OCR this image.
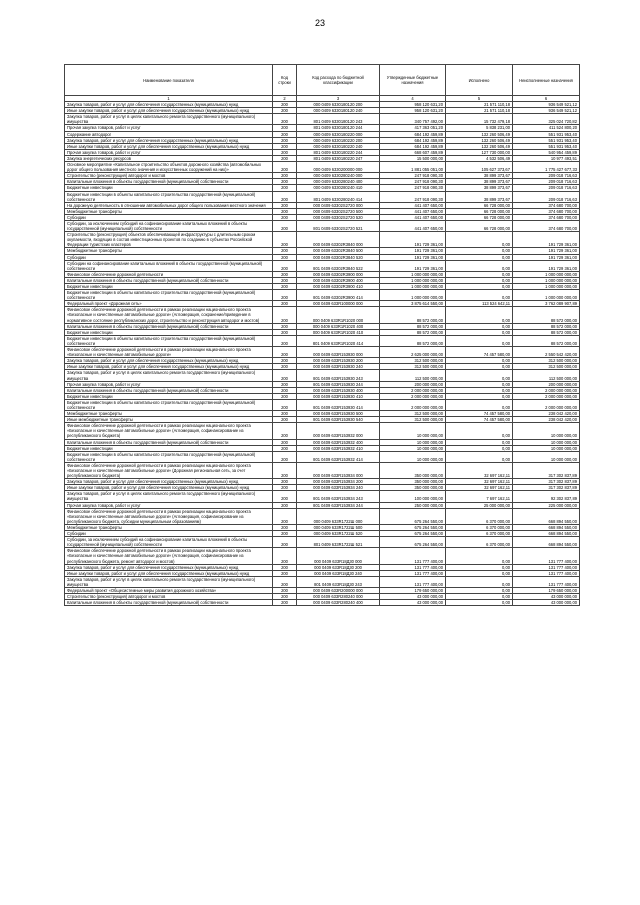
23
Наименование показателя	Код строки	Код расхода по бюджетной классификации	Утвержденные бюджетные назначения	Исполнено	Неисполненные назначения
1	2	3	4	5	6
Закупка товаров, работ и услуг для обеспечения государственных (муниципальных) нужд	200	000 0409 6330180120 200	958 120 631,20	21 571 110,18	936 549 521,12
Иные закупки товаров, работ и услуг для обеспечения государственных (муниципальных) нужд	200	000 0409 6330180120 240	958 120 631,20	21 571 110,18	936 549 521,12
Закупка товаров, работ и услуг в целях капитального ремонта государственного (муниципального) имущества	200	801 0409 6330180120 243	340 757 492,00	15 732 479,18	325 024 720,82
Прочая закупка товаров, работ и услуг	200	801 0409 6330180120 244	417 363 051,20	5 838 231,00	411 524 800,20
Содержание автодорог	200	000 0409 6330180220 000	684 192 459,89	132 260 506,49	551 931 953,40
Закупка товаров, работ и услуг для обеспечения государственных (муниципальных) нужд	200	000 0409 6330180220 200	684 192 459,89	132 260 506,49	551 931 953,40
Иные закупки товаров, работ и услуг для обеспечения государственных (муниципальных) нужд	200	000 0409 6330180220 240	684 192 459,89	132 260 506,49	551 931 953,40
Прочая закупка товаров, работ и услуг	200	801 0409 6330180220 244	668 607 459,89	127 730 000,00	540 954 459,89
Закупка энергетических ресурсов	200	801 0409 6330180220 247	15 500 000,00	4 532 506,49	10 977 493,51
Основное мероприятие «Капитальное строительство объектов дорожного хозяйства (автомобильных дорог общего пользования местного значения и искусственных сооружений на них)»	200	000 0409 6330200000 000	1 881 055 051,00	105 627 373,67	1 775 427 677,33
Строительство (реконструкция) автодорог и мостов	200	000 0409 6330280240 000	247 918 090,30	38 899 373,67	209 018 716,63
Капитальные вложения в объекты государственной (муниципальной) собственности	200	000 0409 6330280240 400	247 918 090,30	38 899 373,67	209 018 716,63
Бюджетные инвестиции	200	000 0409 6330280240 410	247 918 090,30	38 899 373,67	209 018 716,63
Бюджетные инвестиции в объекты капитального строительства государственной (муниципальной) собственности	200	801 0409 6330280240 414	247 918 090,30	38 899 373,67	209 018 716,63
На дорожную деятельность в отношении автомобильных дорог общего пользования местного значения	200	000 0409 63302S2720 000	441 407 650,00	66 728 000,00	374 680 700,00
Межбюджетные трансферты	200	000 0409 63302S2720 500	441 407 650,00	66 728 000,00	374 680 700,00
Субсидии	200	000 0409 63302S2720 520	441 407 650,00	66 728 000,00	374 680 700,00
Субсидии, за исключением субсидий на софинансирование капитальных вложений в объекты государственной (муниципальной) собственности	200	801 0409 63302S2720 521	441 407 650,00	66 728 000,00	374 680 700,00
Строительство (реконструкция) объектов обеспечивающей инфраструктуры с длительным сроком окупаемости, входящих в состав инвестиционных проектов по созданию в субъектах Российской Федерации туристских кластеров	200	000 0409 63302R3840 000	191 729 361,00	0,00	191 729 361,00
Межбюджетные трансферты	200	000 0409 63302R3840 500	191 729 361,00	0,00	191 729 361,00
Субсидии	200	000 0409 63302R3840 520	191 729 361,00	0,00	191 729 361,00
Субсидии на софинансирование капитальных вложений в объекты государственной (муниципальной) собственности	200	801 0409 63302R3840 522	191 729 361,00	0,00	191 729 361,00
Финансовое обеспечение дорожной деятельности	200	000 0409 63302R3900 000	1 000 000 000,00	0,00	1 000 000 000,00
Капитальные вложения в объекты государственной (муниципальной) собственности	200	000 0409 63302R3900 400	1 000 000 000,00	0,00	1 000 000 000,00
Бюджетные инвестиции	200	000 0409 63302R3900 410	1 000 000 000,00	0,00	1 000 000 000,00
Бюджетные инвестиции в объекты капитального строительства государственной (муниципальной) собственности	200	801 0409 63302R3900 414	1 000 000 000,00	0,00	1 000 000 000,00
Федеральный проект «Дорожная сеть»	200	000 0409 633R100000 000	3 875 614 550,00	113 524 642,11	3 762 089 907,89
Финансовое обеспечение дорожной деятельности в рамках реализации национального проекта «Безопасные и качественные автомобильные дороги» (Агломерация, сохранение/приведение в нормативное состояние республиканских дорог, строительство и реконструкция автодорог и мостов)	200	000 0409 633R1R1020 000	88 572 000,00	0,00	88 572 000,00
Капитальные вложения в объекты государственной (муниципальной) собственности	200	000 0409 633R1R1020 400	88 572 000,00	0,00	88 572 000,00
Бюджетные инвестиции	200	000 0409 633R1R1020 410	88 572 000,00	0,00	88 572 000,00
Бюджетные инвестиции в объекты капитального строительства государственной (муниципальной) собственности	200	801 0409 633R1R1020 414	88 572 000,00	0,00	88 572 000,00
Финансовое обеспечение дорожной деятельности в рамках реализации национального проекта «Безопасные и качественные автомобильные дороги»	200	000 0409 633R153930 000	2 625 000 000,00	74 457 580,00	2 550 542 420,00
Закупка товаров, работ и услуг для обеспечения государственных (муниципальных) нужд	200	000 0409 633R153930 200	312 500 000,00	0,00	312 500 000,00
Иные закупки товаров, работ и услуг для обеспечения государственных (муниципальных) нужд	200	000 0409 633R153930 240	312 500 000,00	0,00	312 500 000,00
Закупка товаров, работ и услуг в целях капитального ремонта государственного (муниципального) имущества	200	801 0409 633R153930 243	112 500 000,00	0,00	112 500 000,00
Прочая закупка товаров, работ и услуг	200	801 0409 633R153930 244	200 000 000,00	0,00	200 000 000,00
Капитальные вложения в объекты государственной (муниципальной) собственности	200	000 0409 633R153930 400	2 000 000 000,00	0,00	2 000 000 000,00
Бюджетные инвестиции	200	000 0409 633R153930 410	2 000 000 000,00	0,00	2 000 000 000,00
Бюджетные инвестиции в объекты капитального строительства государственной (муниципальной) собственности	200	801 0409 633R153930 414	2 000 000 000,00	0,00	2 000 000 000,00
Межбюджетные трансферты	200	000 0409 633R153930 500	312 500 000,00	74 457 580,00	238 042 420,00
Иные межбюджетные трансферты	200	801 0409 633R153930 540	312 500 000,00	74 457 580,00	238 042 420,00
Финансовое обеспечение дорожной деятельности в рамках реализации национального проекта «Безопасные и качественные автомобильные дороги» (Агломерация, софинансирование из республиканского бюджета)	200	000 0409 633R153932 000	10 000 000,00	0,00	10 000 000,00
Капитальные вложения в объекты государственной (муниципальной) собственности	200	000 0409 633R153932 400	10 000 000,00	0,00	10 000 000,00
Бюджетные инвестиции	200	000 0409 633R153932 410	10 000 000,00	0,00	10 000 000,00
Бюджетные инвестиции в объекты капитального строительства государственной (муниципальной) собственности	200	801 0409 633R153932 414	10 000 000,00	0,00	10 000 000,00
Финансовое обеспечение дорожной деятельности в рамках реализации национального проекта «Безопасные и качественные автомобильные дороги» (Дорожная региональная сеть, за счет республиканского бюджета)	200	000 0409 633R153934 000	350 000 000,00	32 697 162,11	317 302 837,89
Закупка товаров, работ и услуг для обеспечения государственных (муниципальных) нужд	200	000 0409 633R153934 200	350 000 000,00	32 697 162,11	317 302 837,89
Иные закупки товаров, работ и услуг для обеспечения государственных (муниципальных) нужд	200	000 0409 633R153934 240	350 000 000,00	32 697 162,11	317 302 837,89
Закупка товаров, работ и услуг в целях капитального ремонта государственного (муниципального) имущества	200	801 0409 633R153934 243	100 000 000,00	7 697 162,11	92 302 837,89
Прочая закупка товаров, работ и услуг	200	801 0409 633R153934 244	250 000 000,00	25 000 000,00	225 000 000,00
Финансовое обеспечение дорожной деятельности в рамках реализации национального проекта «Безопасные и качественные автомобильные дороги» (Агломерация, софинансирование из республиканского бюджета, субсидии муниципальным образованиям)	200	000 0409 633R1722Ш 000	675 264 550,00	6 370 000,00	668 894 550,00
Межбюджетные трансферты	200	000 0409 633R1722Ш 500	675 264 550,00	6 370 000,00	668 894 550,00
Субсидии	200	000 0409 633R1722Ш 520	675 264 550,00	6 370 000,00	668 894 550,00
Субсидии, за исключением субсидий на софинансирование капитальных вложений в объекты государственной (муниципальной) собственности	200	801 0409 633R1722Ш 521	675 264 550,00	6 370 000,00	668 894 550,00
Финансовое обеспечение дорожной деятельности в рамках реализации национального проекта «Безопасные и качественные автомобильные дороги» (Агломерация, софинансирование из республиканского бюджета, ремонт автодорог и мостов)	200	000 0409 633R18Д30 000	131 777 400,00	0,00	131 777 400,00
Закупка товаров, работ и услуг для обеспечения государственных (муниципальных) нужд	200	000 0409 633R18Д30 200	131 777 400,00	0,00	131 777 400,00
Иные закупки товаров, работ и услуг для обеспечения государственных (муниципальных) нужд	200	000 0409 633R18Д30 240	131 777 400,00	0,00	131 777 400,00
Закупка товаров, работ и услуг в целях капитального ремонта государственного (муниципального) имущества	200	801 0409 633R18Д30 243	131 777 400,00	0,00	131 777 400,00
Федеральный проект «Общесистемные меры развития дорожного хозяйства»	200	000 0409 633R200000 000	179 650 000,00	0,00	179 650 000,00
Строительство (реконструкция) автодорог и мостов	200	000 0409 633R280240 000	43 000 000,00	0,00	43 000 000,00
Капитальные вложения в объекты государственной (муниципальной) собственности	200	000 0409 633R280240 400	43 000 000,00	0,00	43 000 000,00
